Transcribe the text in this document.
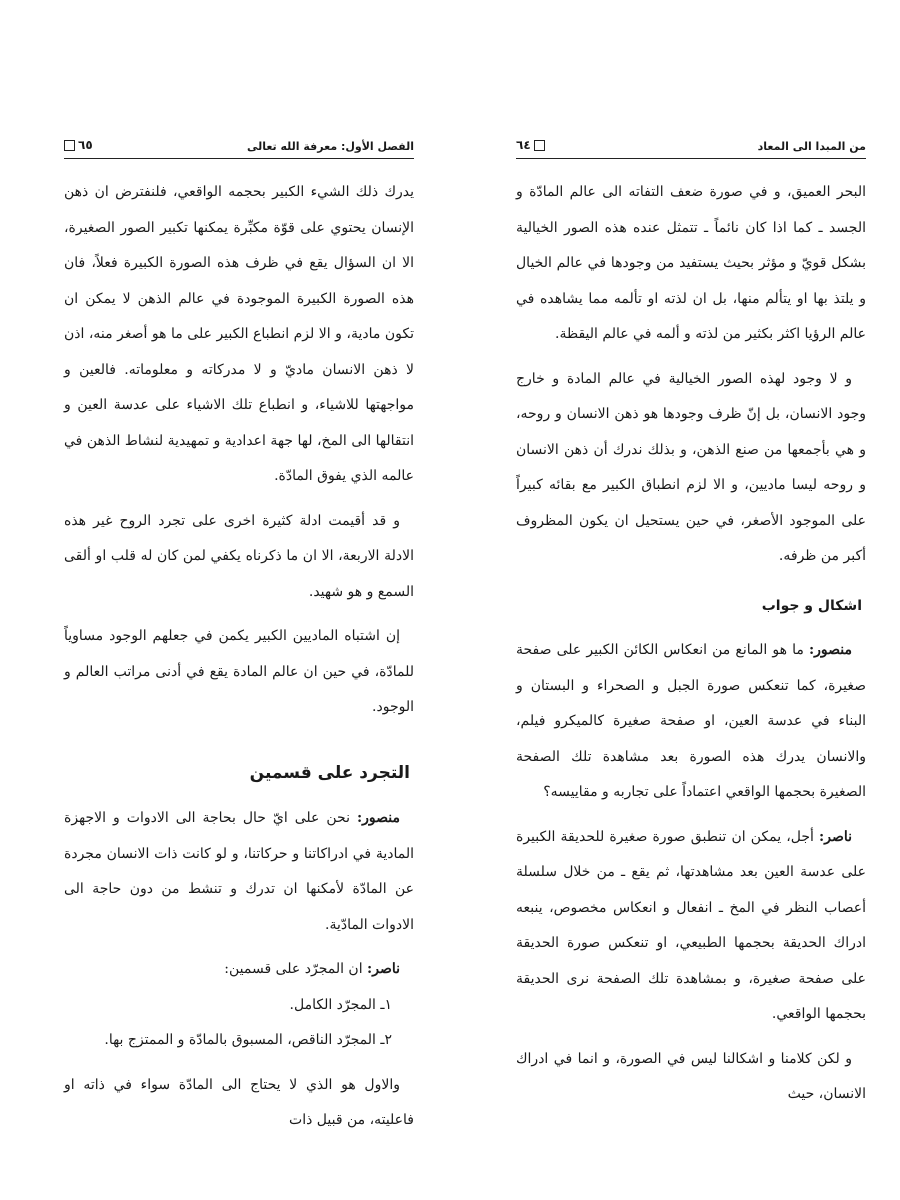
الفصل الأول: معرفة الله تعالى
٦٥

يدرك ذلك الشيء الكبير بحجمه الواقعي، فلنفترض ان ذهن الإنسان يحتوي على قوّة مكبِّرة يمكنها تكبير الصور الصغيرة، الا ان السؤال يقع في ظرف هذه الصورة الكبيرة فعلاً، فان هذه الصورة الكبيرة الموجودة في عالم الذهن لا يمكن ان تكون مادية، و الا لزم انطباع الكبير على ما هو أصغر منه، اذن لا ذهن الانسان ماديّ و لا مدركاته و معلوماته. فالعين و مواجهتها للاشياء، و انطباع تلك الاشياء على عدسة العين و انتقالها الى المخ، لها جهة اعدادية و تمهيدية لنشاط الذهن في عالمه الذي يفوق المادّة.

و قد أقيمت ادلة كثيرة اخرى على تجرد الروح غير هذه الادلة الاربعة، الا ان ما ذكرناه يكفي لمن كان له قلب او ألقى السمع و هو شهيد.

إن اشتباه الماديين الكبير يكمن في جعلهم الوجود مساوياً للمادّة، في حين ان عالم المادة يقع في أدنى مراتب العالم و الوجود.

التجرد على قسمين

منصور: نحن على ايّ حال بحاجة الى الادوات و الاجهزة المادية في ادراكاتنا و حركاتنا، و لو كانت ذات الانسان مجردة عن المادّة لأمكنها ان تدرك و تنشط من دون حاجة الى الادوات المادّية.

ناصر: ان المجرّد على قسمين:

١ـ المجرّد الكامل.

٢ـ المجرّد الناقص، المسبوق بالمادّة و الممتزج بها.

والاول هو الذي لا يحتاج الى المادّة سواء في ذاته او فاعليته، من قبيل ذات

من المبدا الى المعاد
٦٤

البحر العميق، و في صورة ضعف التفاته الى عالم المادّة و الجسد ـ كما اذا كان نائماً ـ تتمثل عنده هذه الصور الخيالية بشكل قويّ و مؤثر بحيث يستفيد من وجودها في عالم الخيال و يلتذ بها او يتألم منها، بل ان لذته او تألمه مما يشاهده في عالم الرؤيا اكثر بكثير من لذته و ألمه في عالم اليقظة.

و لا وجود لهذه الصور الخيالية في عالم المادة و خارج وجود الانسان، بل إنّ ظرف وجودها هو ذهن الانسان و روحه، و هي بأجمعها من صنع الذهن، و بذلك ندرك أن ذهن الانسان و روحه ليسا ماديين، و الا لزم انطباق الكبير مع بقائه كبيراً على الموجود الأصغر، في حين يستحيل ان يكون المظروف أكبر من ظرفه.

اشكال و جواب

منصور: ما هو المانع من انعكاس الكائن الكبير على صفحة صغيرة، كما تنعكس صورة الجبل و الصحراء و البستان و البناء في عدسة العين، او صفحة صغيرة كالميكرو فيلم، والانسان يدرك هذه الصورة بعد مشاهدة تلك الصفحة الصغيرة بحجمها الواقعي اعتماداً على تجاربه و مقاييسه؟

ناصر: أجل، يمكن ان تنطبق صورة صغيرة للحديقة الكبيرة على عدسة العين بعد مشاهدتها، ثم يقع ـ من خلال سلسلة أعصاب النظر في المخ ـ انفعال و انعكاس مخصوص، ينبعه ادراك الحديقة بحجمها الطبيعي، او تنعكس صورة الحديقة على صفحة صغيرة، و بمشاهدة تلك الصفحة نرى الحديقة بحجمها الواقعي.

و لكن كلامنا و اشكالنا ليس في الصورة، و انما في ادراك الانسان، حيث
